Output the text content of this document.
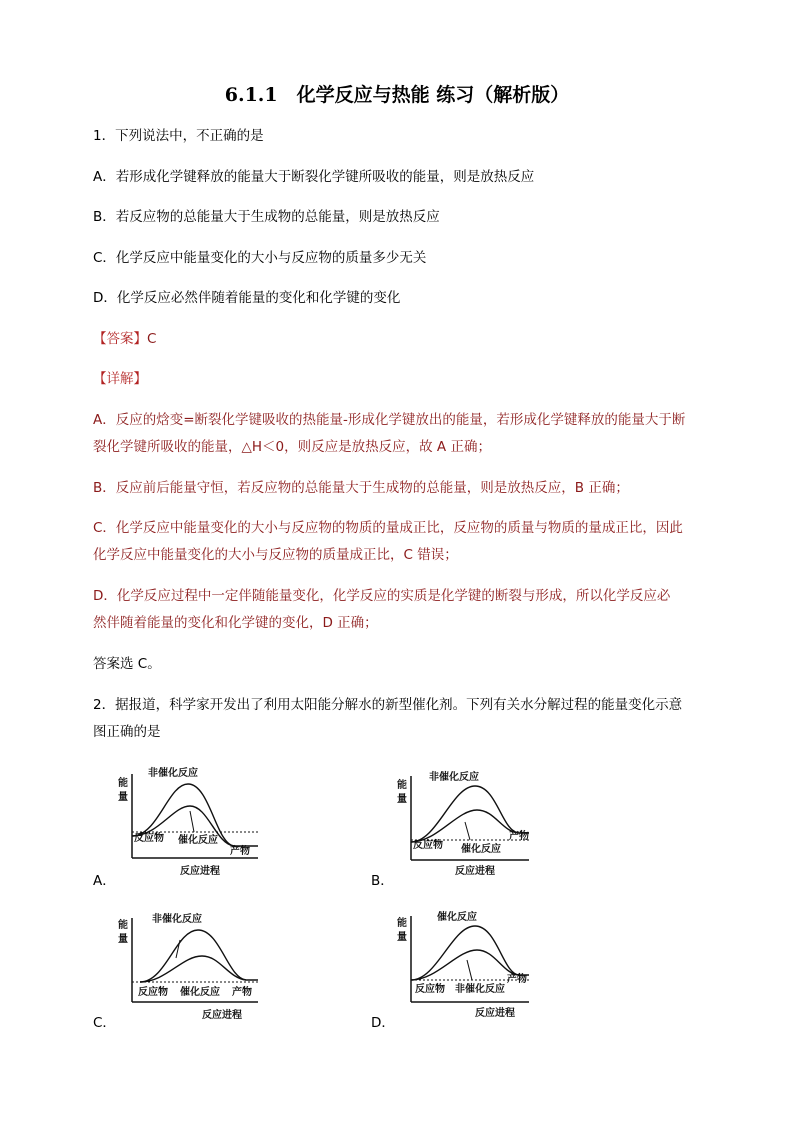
6.1.1　化学反应与热能 练习（解析版）
1．下列说法中，不正确的是
A．若形成化学键释放的能量大于断裂化学键所吸收的能量，则是放热反应
B．若反应物的总能量大于生成物的总能量，则是放热反应
C．化学反应中能量变化的大小与反应物的质量多少无关
D．化学反应必然伴随着能量的变化和化学键的变化
【答案】C
【详解】
A．反应的焓变=断裂化学键吸收的热能量-形成化学键放出的能量，若形成化学键释放的能量大于断
裂化学键所吸收的能量，△H＜0，则反应是放热反应，故 A 正确；
B．反应前后能量守恒，若反应物的总能量大于生成物的总能量，则是放热反应，B 正确；
C．化学反应中能量变化的大小与反应物的物质的量成正比，反应物的质量与物质的量成正比，因此
化学反应中能量变化的大小与反应物的质量成正比，C 错误；
D．化学反应过程中一定伴随能量变化，化学反应的实质是化学键的断裂与形成，所以化学反应必
然伴随着能量的变化和化学键的变化，D 正确；
答案选 C。
2．据报道，科学家开发出了利用太阳能分解水的新型催化剂。下列有关水分解过程的能量变化示意
图正确的是
A．
能
量
非催化反应
催化反应
反应物
产物
反应进程
B．
能
量
非催化反应
催化反应
反应物
产物
反应进程
C．
能
量
非催化反应
催化反应
反应物	产物
反应进程	D．
能
量
催化反应
非催化反应
反应物
产物
反应进程
